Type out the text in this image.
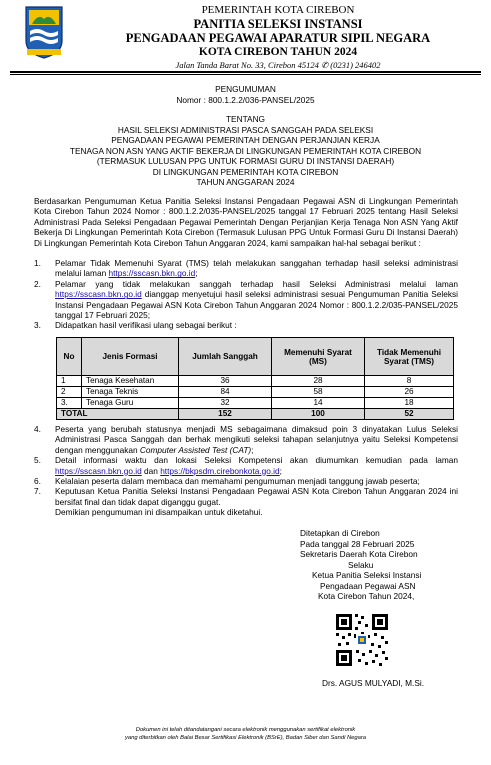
PEMERINTAH KOTA CIREBON
PANITIA SELEKSI INSTANSI
PENGADAAN PEGAWAI APARATUR SIPIL NEGARA
KOTA CIREBON TAHUN 2024
Jalan Tanda Barat No. 33, Cirebon 45124 ✆ (0231) 246402
PENGUMUMAN
Nomor : 800.1.2.2/036-PANSEL/2025
TENTANG
HASIL SELEKSI ADMINISTRASI PASCA SANGGAH PADA SELEKSI
PENGADAAN PEGAWAI PEMERINTAH DENGAN PERJANJIAN KERJA
TENAGA NON ASN YANG AKTIF BEKERJA DI LINGKUNGAN PEMERINTAH KOTA CIREBON
(TERMASUK LULUSAN PPG UNTUK FORMASI GURU DI INSTANSI DAERAH)
DI LINGKUNGAN PEMERINTAH KOTA CIREBON
TAHUN ANGGARAN 2024
Berdasarkan Pengumuman Ketua Panitia Seleksi Instansi Pengadaan Pegawai ASN di Lingkungan Pemerintah Kota Cirebon Tahun 2024 Nomor : 800.1.2.2/035-PANSEL/2025 tanggal 17 Februari 2025 tentang Hasil Seleksi Administrasi Pada Seleksi Pengadaan Pegawai Pemerintah Dengan Perjanjian Kerja Tenaga Non ASN Yang Aktif Bekerja Di Lingkungan Pemerintah Kota Cirebon (Termasuk Lulusan PPG Untuk Formasi Guru Di Instansi Daerah) Di Lingkungan Pemerintah Kota Cirebon Tahun Anggaran 2024, kami sampaikan hal-hal sebagai berikut :
1.	Pelamar Tidak Memenuhi Syarat (TMS) telah melakukan sanggahan terhadap hasil seleksi administrasi melalui laman https://sscasn.bkn.go.id;
2.	Pelamar yang tidak melakukan sanggah terhadap hasil Seleksi Administrasi melalui laman https://sscasn.bkn.go.id dianggap menyetujui hasil seleksi administrasi sesuai Pengumuman Panitia Seleksi Instansi Pengadaan Pegawai ASN Kota Cirebon Tahun Anggaran 2024 Nomor : 800.1.2.2/035-PANSEL/2025 tanggal 17 Februari 2025;
3.	Didapatkan hasil verifikasi ulang sebagai berikut :
No	Jenis Formasi	Jumlah Sanggah	Memenuhi Syarat (MS)	Tidak Memenuhi Syarat (TMS)
1	Tenaga Kesehatan	36	28	8
2	Tenaga Teknis	84	58	26
3.	Tenaga Guru	32	14	18
TOTAL		152	100	52
4.	Peserta yang berubah statusnya menjadi MS sebagaimana dimaksud poin 3 dinyatakan Lulus Seleksi Administrasi Pasca Sanggah dan berhak mengikuti seleksi tahapan selanjutnya yaitu Seleksi Kompetensi dengan menggunakan Computer Assisted Test (CAT);
5.	Detail informasi waktu dan lokasi Seleksi Kompetensi akan diumumkan kemudian pada laman https://sscasn.bkn.go.id dan https://bkpsdm.cirebonkota.go.id;
6.	Kelalaian peserta dalam membaca dan memahami pengumuman menjadi tanggung jawab peserta;
7.	Keputusan Ketua Panitia Seleksi Instansi Pengadaan Pegawai ASN Kota Cirebon Tahun Anggaran 2024 ini bersifat final dan tidak dapat diganggu gugat.
Demikian pengumuman ini disampaikan untuk diketahui.
Ditetapkan di Cirebon
Pada tanggal 28 Februari 2025
Sekretaris Daerah Kota Cirebon
Selaku
Ketua Panitia Seleksi Instansi
Pengadaan Pegawai ASN
Kota Cirebon Tahun 2024,
Drs. AGUS MULYADI, M.Si.
Dokumen ini telah ditandatangani secara elektronik menggunakan sertifikat elektronik
yang diterbitkan oleh Balai Besar Sertifikasi Elektronik (BSrE), Badan Siber dan Sandi Negara
